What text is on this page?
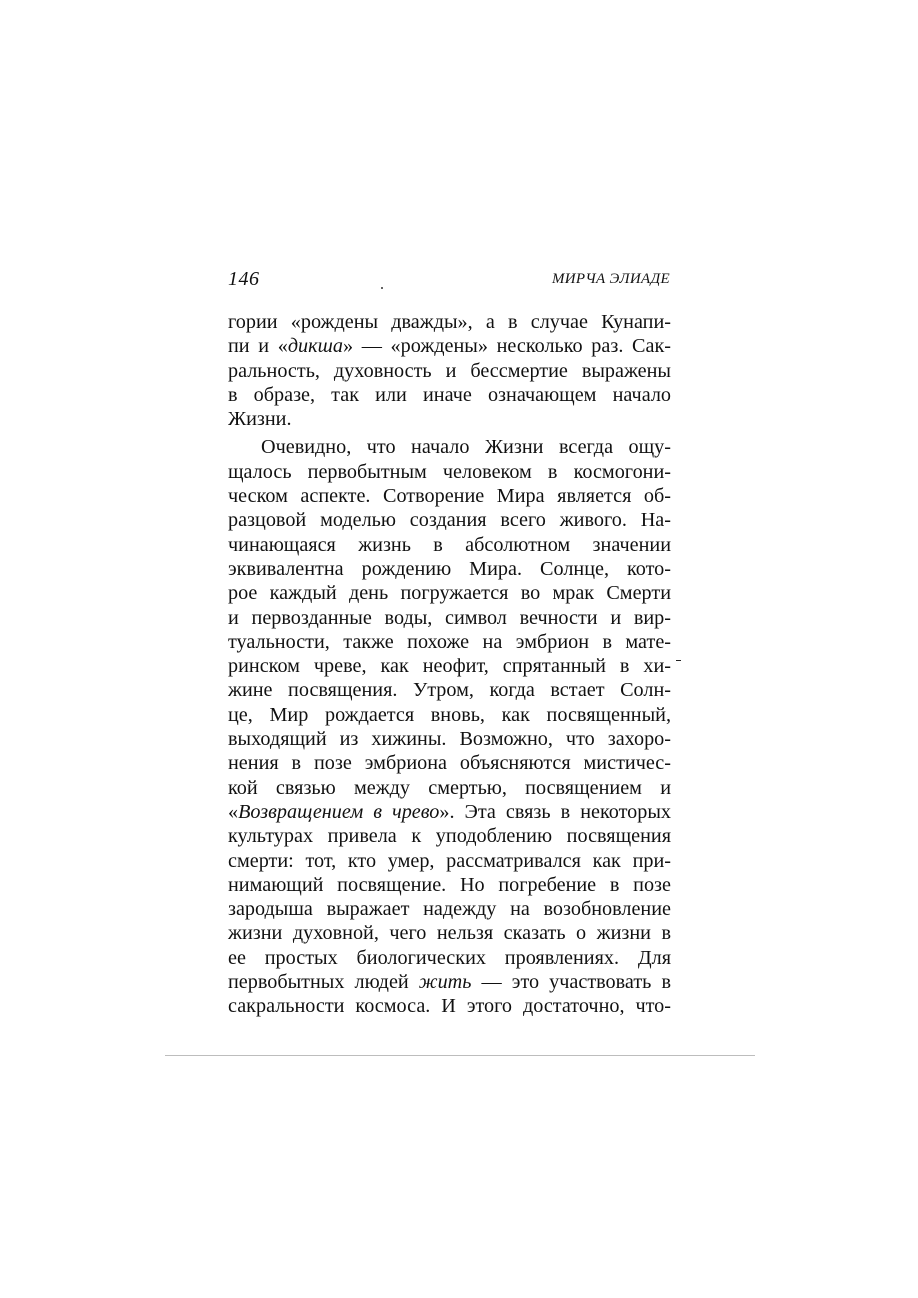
146	МИРЧА ЭЛИАДЕ
гории «рождены дважды», а в случае Кунапи-
пи и «дикша» — «рождены» несколько раз. Сак-
ральность, духовность и бессмертие выражены
в образе, так или иначе означающем начало
Жизни.
Очевидно, что начало Жизни всегда ощу-
щалось первобытным человеком в космогони-
ческом аспекте. Сотворение Мира является об-
разцовой моделью создания всего живого. На-
чинающаяся жизнь в абсолютном значении
эквивалентна рождению Мира. Солнце, кото-
рое каждый день погружается во мрак Смерти
и первозданные воды, символ вечности и вир-
туальности, также похоже на эмбрион в мате-
ринском чреве, как неофит, спрятанный в хи-
жине посвящения. Утром, когда встает Солн-
це, Мир рождается вновь, как посвященный,
выходящий из хижины. Возможно, что захоро-
нения в позе эмбриона объясняются мистичес-
кой связью между смертью, посвящением и
«Возвращением в чрево». Эта связь в некоторых
культурах привела к уподоблению посвящения
смерти: тот, кто умер, рассматривался как при-
нимающий посвящение. Но погребение в позе
зародыша выражает надежду на возобновление
жизни духовной, чего нельзя сказать о жизни в
ее простых биологических проявлениях. Для
первобытных людей жить — это участвовать в
сакральности космоса. И этого достаточно, что-
